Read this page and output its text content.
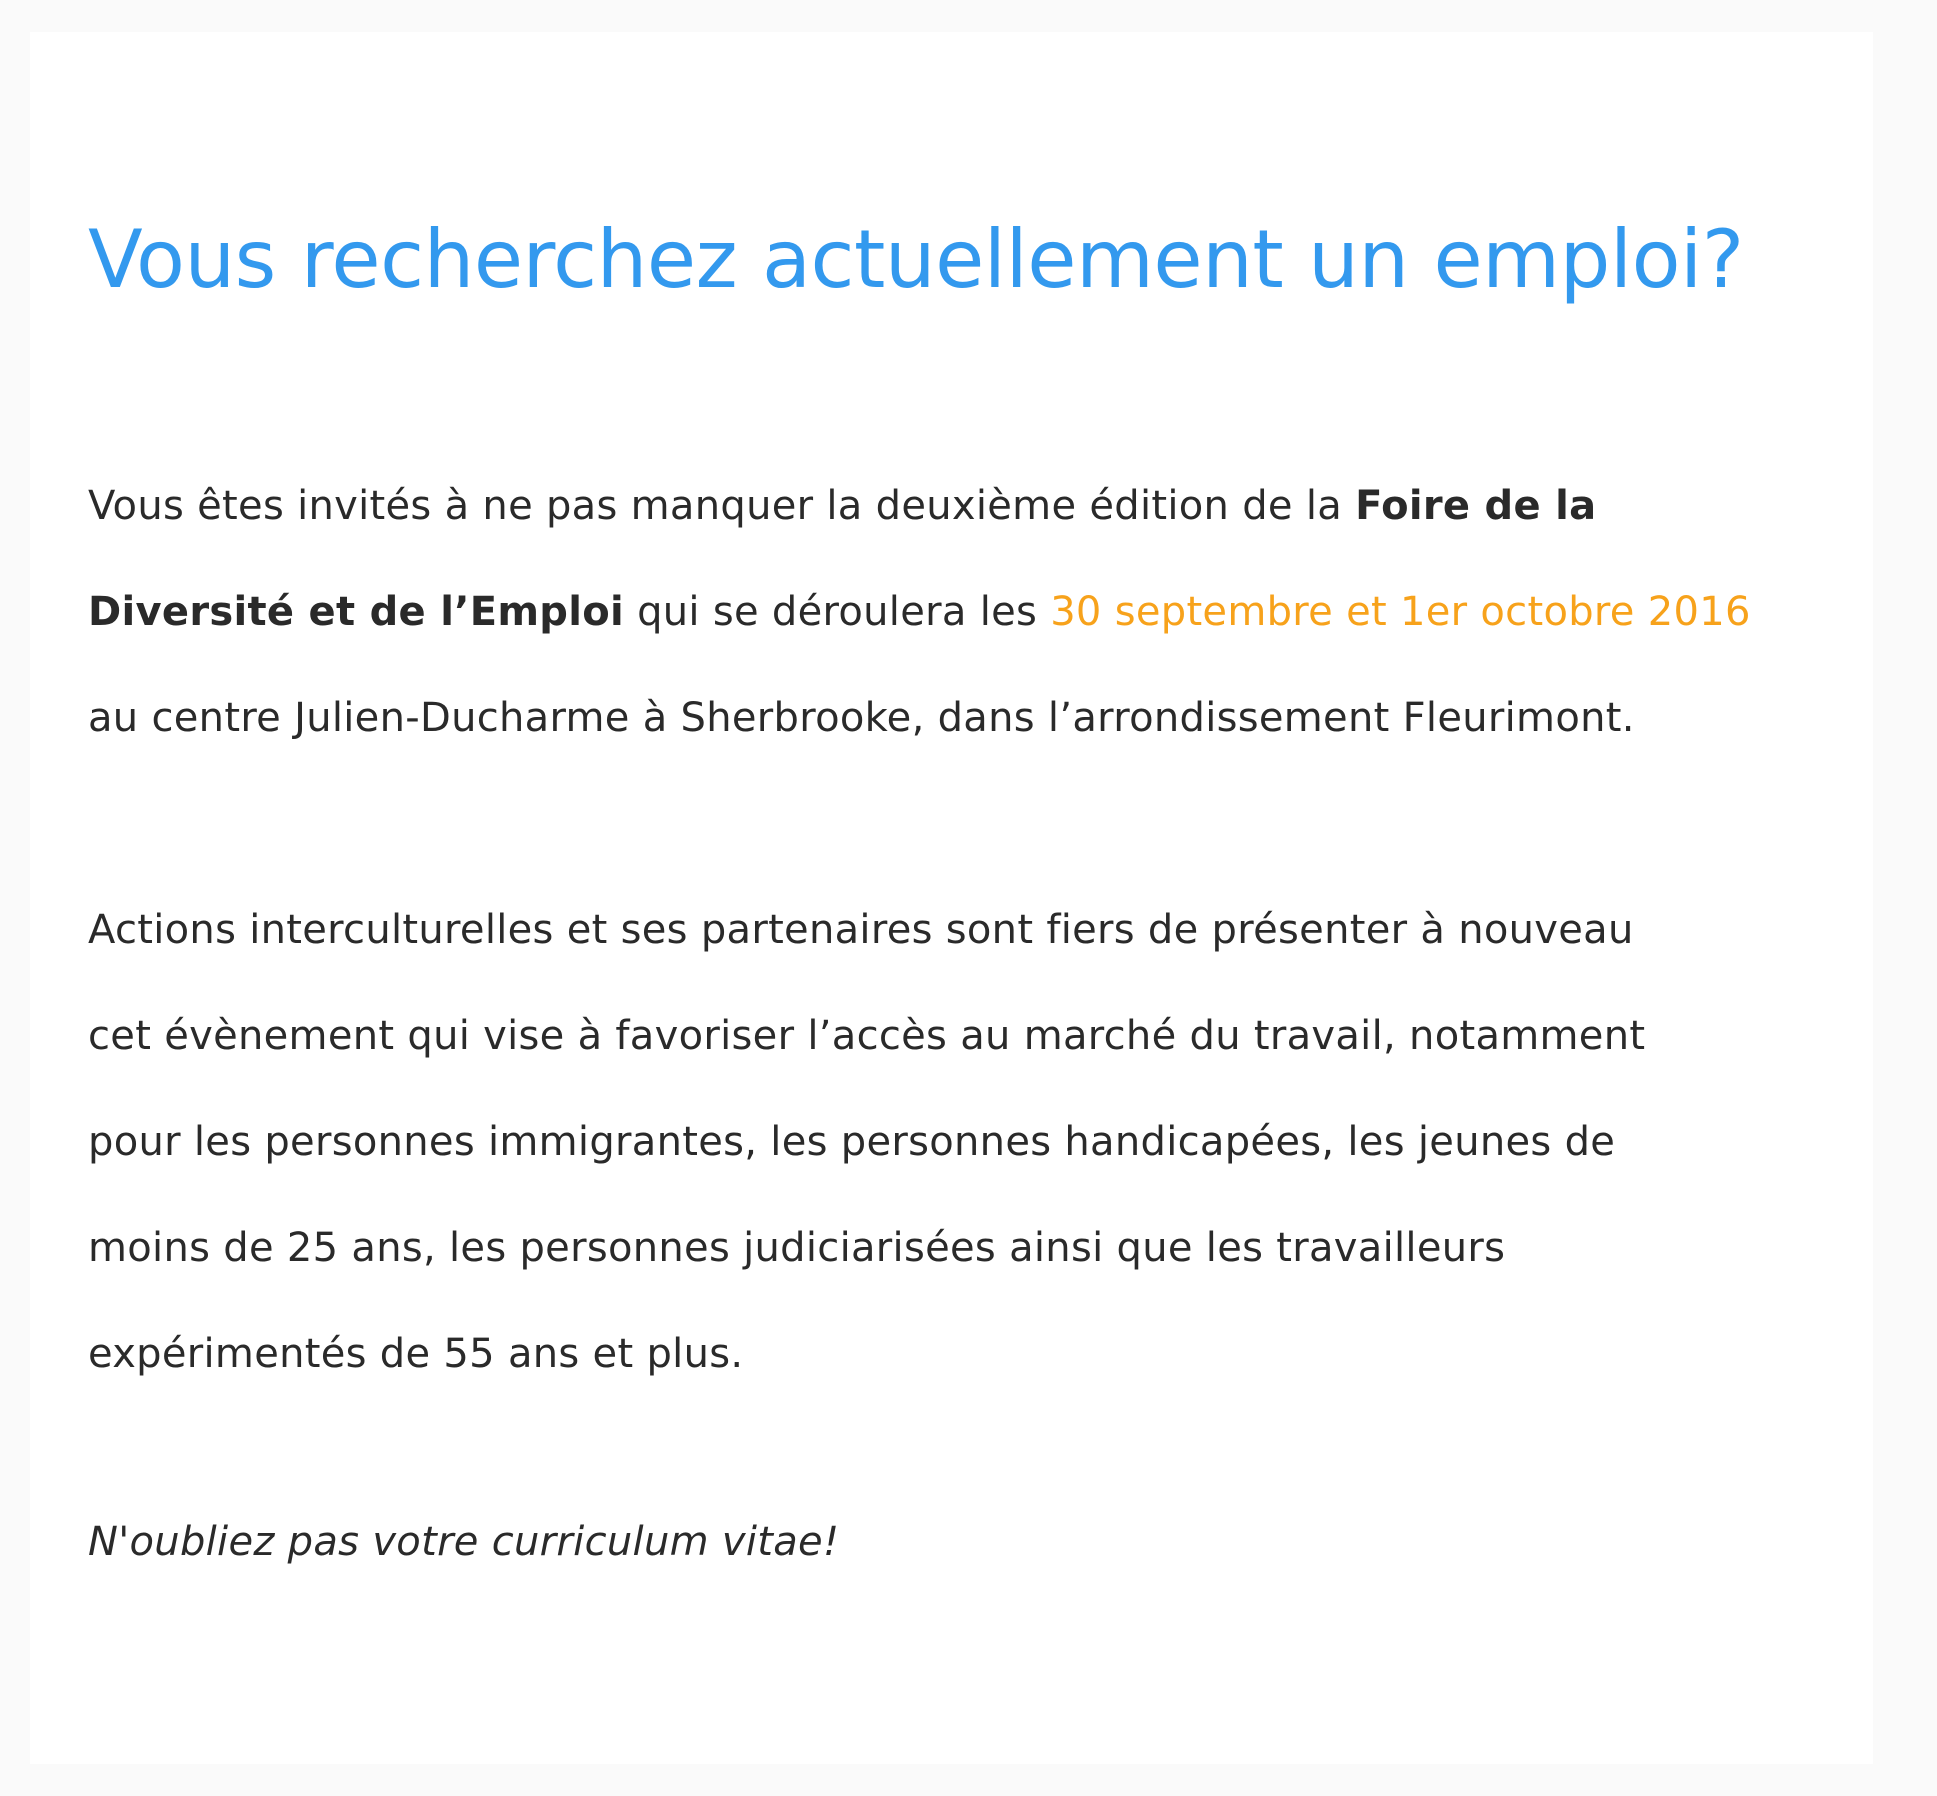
Vous recherchez actuellement un emploi?

Vous êtes invités à ne pas manquer la deuxième édition de la Foire de la
Diversité et de l’Emploi qui se déroulera les 30 septembre et 1er octobre 2016
au centre Julien-Ducharme à Sherbrooke, dans l’arrondissement Fleurimont.

Actions interculturelles et ses partenaires sont fiers de présenter à nouveau
cet évènement qui vise à favoriser l’accès au marché du travail, notamment
pour les personnes immigrantes, les personnes handicapées, les jeunes de
moins de 25 ans, les personnes judiciarisées ainsi que les travailleurs
expérimentés de 55 ans et plus.

N'oubliez pas votre curriculum vitae!
